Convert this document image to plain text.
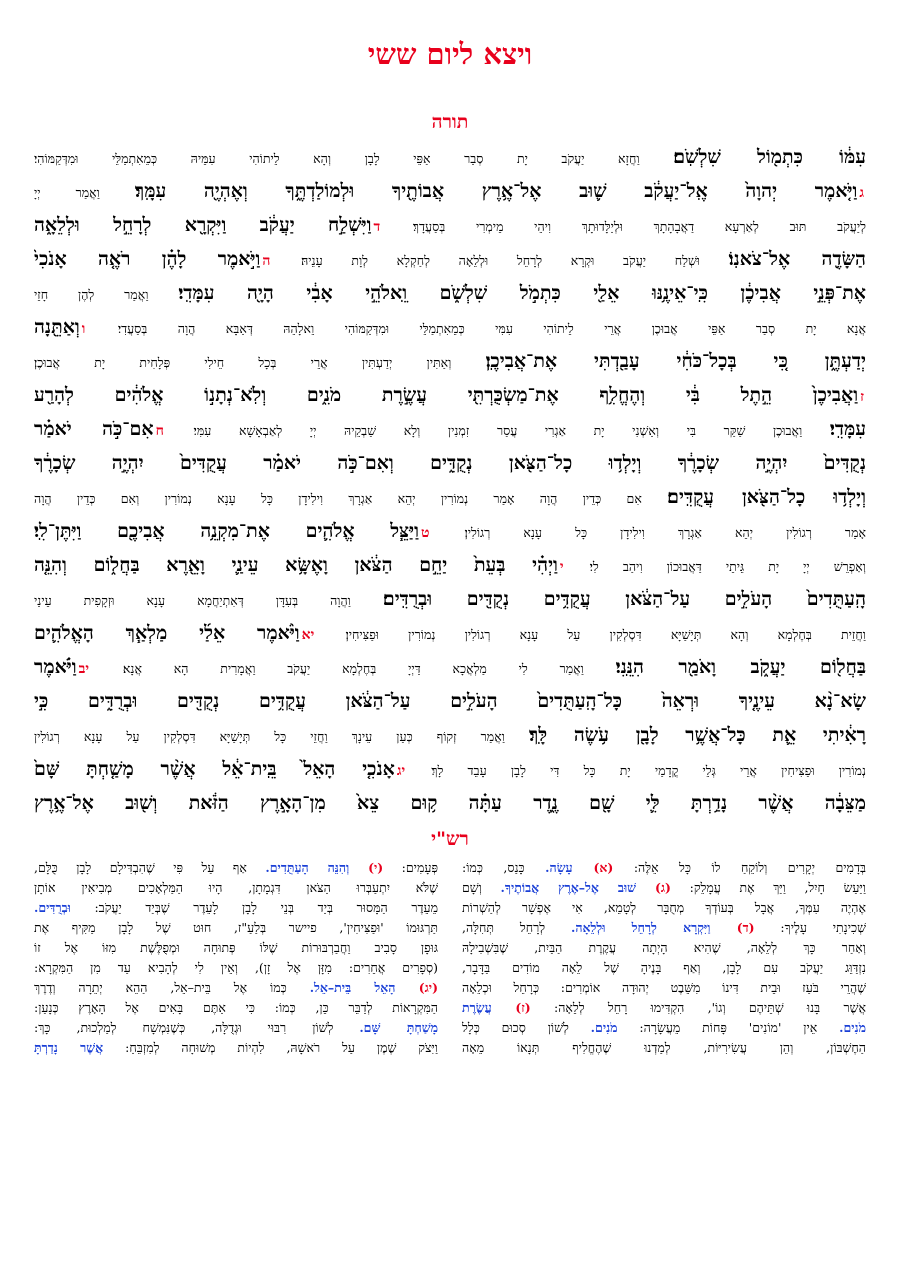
ויצא ליום ששי
תורה
עִמּ֔וֹ כִּתְמ֖וֹל שִׁלְשֹֽׁם׃ וַחֲזָא יַעֲקֹב יָת סְבַר אַפֵּי לָבָן וְהָא לֵיתוֹהִי עִמֵּיהּ כְּמֵאִתְמַלֵּי וּמִדְּקַמּוֹהִי׃
גוַיֹּ֤אמֶר יְהוָה֙ אֶֽל־יַעֲקֹ֔ב שׁ֛וּב אֶל־אֶ֥רֶץ אֲבוֹתֶ֖יךָ וּלְמוֹלַדְתֶּ֑ךָ וְאֶהְיֶ֖ה עִמָּֽךְ׃ וַאֲמַר יְיָ
לְיַעֲקֹב תּוּב לְאַרְעָא דַאֲבָהָתָךְ וּלְיַלָּדוּתָךְ וִיהֵי מֵימְרִי בְּסַעֲדָךְ׃ דוַיִּשְׁלַ֣ח יַעֲקֹ֔ב וַיִּקְרָ֖א לְרָחֵ֣ל וּלְלֵאָ֑ה
הַשָּׂדֶ֖ה אֶל־צֹאנֽוֹ׃ וּשְׁלַח יַעֲקֹב וּקְרָא לְרָחֵל וּלְלֵאָה לְחַקְלָא לְוָת עָנֵיהּ׃ הוַיֹּ֣אמֶר לָהֶ֗ן רֹאֶ֤ה אָנֹכִי֙
אֶת־פְּנֵ֣י אֲבִיכֶ֔ן כִּֽי־אֵינֶ֥נּוּ אֵלַ֖י כִּתְמֹ֣ל שִׁלְשֹׁ֑ם וֵֽאלֹהֵ֣י אָבִ֔י הָיָ֖ה עִמָּדִֽי׃ וַאֲמַר לְהֶן חָזֵי
אֲנָא יָת סְבַר אַפֵּי אֲבוּכֶן אֲרֵי לֵיתוֹהִי עִמִּי כְּמֵאִתְמַלֵּי וּמִדְּקַמּוֹהִי וֵאלָהֵהּ דְּאַבָּא הֲוָה בְּסַעֲדִי׃ ווְאַתֵּ֖נָה
יְדַעְתֶּ֑ן כִּ֚י בְּכָל־כֹּחִ֔י עָבַ֖דְתִּי אֶת־אֲבִיכֶֽן׃ וְאַתִּין יְדַעְתִּין אֲרֵי בְּכָל חֵילִי פְּלָחִית יָת אֲבוּכֶן׃
זוַאֲבִיכֶן֙ הֵ֣תֶל בִּ֔י וְהֶחֱלִ֥ף אֶת־מַשְׂכֻּרְתִּ֖י עֲשֶׂ֣רֶת מֹנִ֑ים וְלֹֽא־נְתָנ֣וֹ אֱלֹהִ֔ים לְהָרַ֖ע
עִמָּדִֽי׃ וַאֲבוּכֶן שַׁקַּר בִּי וְאַשְׁנִי יָת אַגְרִי עֲסַר זִמְנִין וְלָא שַׁבְקֵיהּ יְיָ לְאַבְאָשָׁא עִמִּי׃ חאִם־כֹּ֣ה יֹאמַ֗ר
נְקֻדִּים֙ יִהְיֶ֣ה שְׂכָרֶ֔ךָ וְיָלְד֥וּ כָל־הַצֹּ֖אן נְקֻדִּ֑ים וְאִם־כֹּ֣ה יֹאמַ֗ר עֲקֻדִּים֙ יִהְיֶ֣ה שְׂכָרֶ֔ךָ
וְיָלְד֥וּ כָל־הַצֹּ֖אן עֲקֻדִּֽים׃ אִם כְּדֵין הֲוָה אָמַר נְמוֹרִין יְהֵא אַגְרָךְ וִילִידָן כָּל עָנָא נְמוֹרִין וְאִם כְּדֵין הֲוָה
אָמַר רְגוֹלִין יְהֵא אַגְרָךְ וִילִידָן כָּל עָנָא רְגוֹלִין׃ טוַיַּצֵּ֧ל אֱלֹהִ֛ים אֶת־מִקְנֵ֥ה אֲבִיכֶ֖ם וַיִּתֶּן־לִֽי׃
וְאַפְרֵשׁ יְיָ יָת גֵּיתֵי דַּאֲבוּכוֹן וִיהַב לִי׃ יוַיְהִ֗י בְּעֵת֙ יַחֵ֣ם הַצֹּ֔אן וָאֶשָּׂ֥א עֵינַ֛י וָאֵ֖רֶא בַּחֲל֑וֹם וְהִנֵּ֤ה
הָֽעַתֻּדִים֙ הָעֹלִ֣ים עַל־הַצֹּ֔אן עֲקֻדִּ֥ים נְקֻדִּ֖ים וּבְרֻדִּֽים׃ וַהֲוָה בְּעִדָּן דְּאִתְיַחֲמָא עָנָא וּזְקָפִית עֵינַי
וַחֲזֵית בְּחֶלְמָא וְהָא תְּיָשַׁיָּא דִּסְלְקִין עַל עָנָא רְגוֹלִין נְמוֹרִין וּפַצִּיחִין׃ יאוַיֹּ֨אמֶר אֵלַ֜י מַלְאַ֧ךְ הָאֱלֹהִ֛ים
בַּחֲל֖וֹם יַעֲקֹ֑ב וָאֹמַ֖ר הִנֵּֽנִי׃ וַאֲמַר לִי מַלְאֲכָא דַּיְיָ בְּחֶלְמָא יַעֲקֹב וַאֲמָרִית הָא אֲנָא׃ יבוַיֹּ֗אמֶר
שָׂא־נָ֨א עֵינֶ֤יךָ וּרְאֵה֙ כָּל־הָֽעַתֻּדִים֙ הָעֹלִ֣ים עַל־הַצֹּ֔אן עֲקֻדִּ֥ים נְקֻדִּ֖ים וּבְרֻדִּ֑ים כִּ֣י
רָאִ֔יתִי אֵ֛ת כָּל־אֲשֶׁ֥ר לָבָ֖ן עֹ֥שֶׂה לָּֽךְ׃ וַאֲמַר זְקוֹף כְּעַן עֵינָךְ וַחֲזֵי כָּל תְּיָשַׁיָּא דִּסְלְקִין עַל עָנָא רְגוֹלִין
נְמוֹרִין וּפַצִּיחִין אֲרֵי גְּלֵי קֳדָמַי יָת כָּל דִּי לָבָן עָבֵד לָךְ׃ יגאָנֹכִ֤י הָאֵל֙ בֵּֽית־אֵ֔ל אֲשֶׁ֨ר מָשַׁ֤חְתָּ שָּׁם֙
מַצֵּבָ֔ה אֲשֶׁ֨ר נָדַ֥רְתָּ לִּ֛י שָׁ֖ם נֶ֑דֶר עַתָּ֗ה ק֥וּם צֵא֙ מִן־הָאָ֣רֶץ הַזֹּ֔את וְשׁ֖וּב אֶל־אֶ֥רֶץ
רש"י
בְּדָמִים יְקָרִים וְלוֹקֵחַ לוֹ כָּל אֵלֶּה: (א) עָשָׂה. כָּנַס, כְּמוֹ:
וַיַּעַשׂ חָיִל, וַיַּךְ אֶת עֲמָלֵק: (ג) שׁוּב אֶל–אֶרֶץ אֲבוֹתֶיךָ. וְשָׁם
אֶהְיֶה עִמְּךָ, אֲבָל בְּעוֹדְךָ מְחֻבָּר לְטָמֵא, אִי אֶפְשָׁר לְהַשְׁרוֹת
שְׁכִינָתִי עָלֶיךָ: (ד) וַיִּקְרָא לְרָחֵל וּלְלֵאָה. לְרָחֵל תְּחִלָּה,
וְאַחַר כָּךְ לְלֵאָה, שֶׁהִיא הָיְתָה עֲקֶרֶת הַבַּיִת, שֶׁבִּשְׁבִילָהּ
נִזְדַּוֵּג יַעֲקֹב עִם לָבָן, וְאַף בָּנֶיהָ שֶׁל לֵאָה מוֹדִים בַּדָּבָר,
שֶׁהֲרֵי בֹּעַז וּבֵית דִּינוֹ מִשֵּׁבֶט יְהוּדָה אוֹמְרִים: כְּרָחֵל וּכְלֵאָה
אֲשֶׁר בָּנוּ שְׁתֵּיהֶם וְגוֹ', הִקְדִּימוּ רָחֵל לְלֵאָה: (ז) עֲשֶׂרֶת
מֹנִים. אֵין 'מוֹנִים' פָּחוֹת מֵעֲשָׂרָה: מֹנִים. לְשׁוֹן סְכוּם כְּלָל
הַחֶשְׁבּוֹן, וְהֵן עֲשִׂירִיּוֹת, לְמַדְנוּ שֶׁהֶחֱלִיף תְּנָאוֹ מֵאָה
פְּעָמִים: (י) וְהִנֵּה הָעַתֻּדִים. אַף עַל פִּי שֶׁהִבְדִּילָם לָבָן כֻּלָּם,
שֶׁלֹּא יִתְעַבְּרוּ הַצֹּאן דִּגְמָתָן, הָיוּ הַמַּלְאָכִים מְבִיאִין אוֹתָן
מֵעֵדֶר הַמָּסוּר בְּיַד בְּנֵי לָבָן לָעֵדֶר שֶׁבְּיַד יַעֲקֹב: וּבְרֻדִּים.
תַּרְגּוּמוֹ 'וּפַצִּיחִין', פיישר בְּלַעַ"ז, חוּט שֶׁל לָבָן מַקִּיף אֶת
גּוּפָן סָבִיב וַחֲבַרְבּוּרוֹת שֶׁלּוֹ פְּתוּחָה וּמְפֻלֶּשֶׁת מִזּוֹ אֶל זוֹ
(סְפָרִים אֲחֵרִים: מִזָּן אֶל זָן), וְאֵין לִי לְהָבִיא עַד מִן הַמִּקְרָא:
(יג) הָאֵל בֵּית–אֵל. כְּמוֹ אֶל בֵּית–אֵל, הַהֵא יְתֵרָה וְדֶרֶךְ
הַמִּקְרָאוֹת לְדַבֵּר כֵּן, כְּמוֹ: כִּי אַתֶּם בָּאִים אֶל הָאָרֶץ כְּנָעַן:
מָשַׁחְתָּ שָּׁם. לְשׁוֹן רִבּוּי וּגְדֻלָּה, כְּשֶׁנִּמְשָׁח לְמַלְכוּת, כָּךְ:
וַיִּצֹק שֶׁמֶן עַל רֹאשָׁהּ, לִהְיוֹת מְשׁוּחָה לְמִזְבֵּחַ: אֲשֶׁר נָדַרְתָּ
